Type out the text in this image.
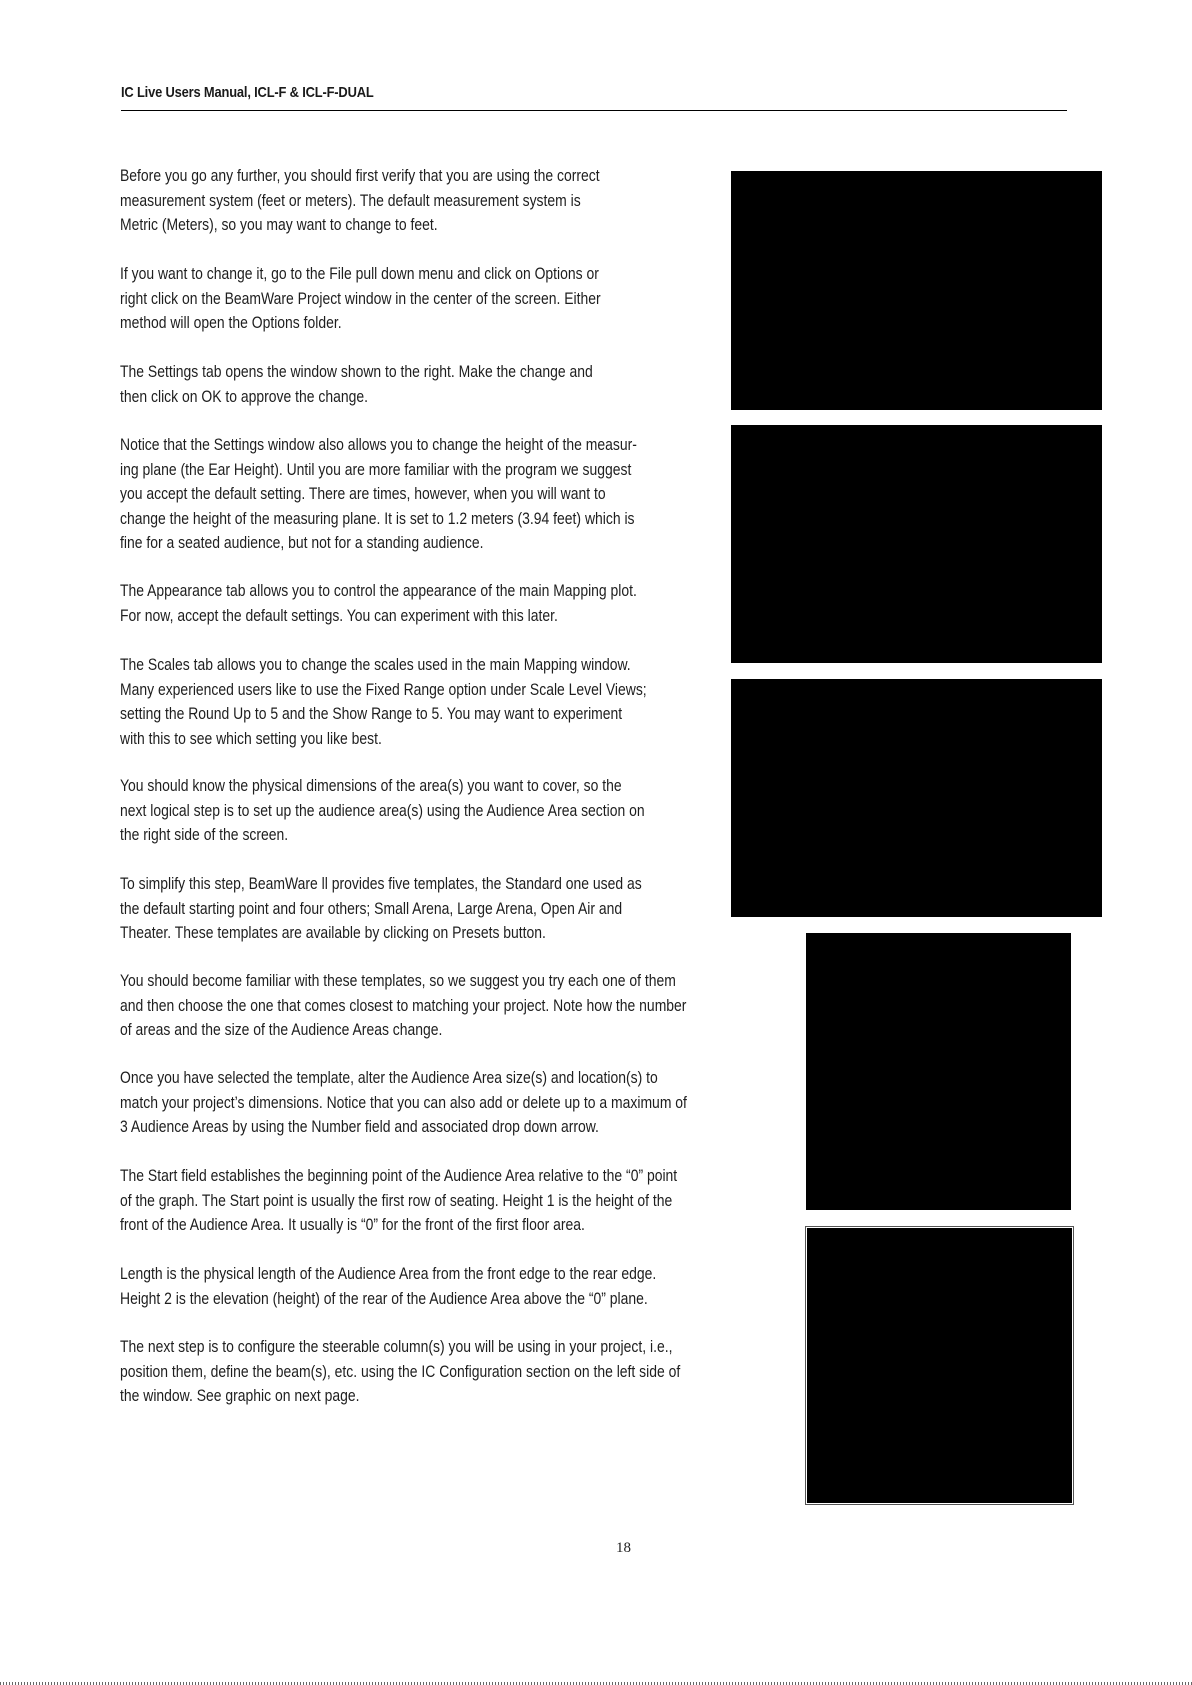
IC Live Users Manual, ICL-F & ICL-F-DUAL

Before you go any further, you should first verify that you are using the correct
measurement system (feet or meters). The default measurement system is
Metric (Meters), so you may want to change to feet.

If you want to change it, go to the File pull down menu and click on Options or
right click on the BeamWare Project window in the center of the screen. Either
method will open the Options folder.

The Settings tab opens the window shown to the right. Make the change and
then click on OK to approve the change.

Notice that the Settings window also allows you to change the height of the measur-
ing plane (the Ear Height). Until you are more familiar with the program we suggest
you accept the default setting. There are times, however, when you will want to
change the height of the measuring plane. It is set to 1.2 meters (3.94 feet) which is
fine for a seated audience, but not for a standing audience.

The Appearance tab allows you to control the appearance of the main Mapping plot.
For now, accept the default settings. You can experiment with this later.

The Scales tab allows you to change the scales used in the main Mapping window.
Many experienced users like to use the Fixed Range option under Scale Level Views;
setting the Round Up to 5 and the Show Range to 5. You may want to experiment
with this to see which setting you like best.

You should know the physical dimensions of the area(s) you want to cover, so the
next logical step is to set up the audience area(s) using the Audience Area section on
the right side of the screen.

To simplify this step, BeamWare ll provides five templates, the Standard one used as
the default starting point and four others; Small Arena, Large Arena, Open Air and
Theater. These templates are available by clicking on Presets button.

You should become familiar with these templates, so we suggest you try each one of them
and then choose the one that comes closest to matching your project. Note how the number
of areas and the size of the Audience Areas change.

Once you have selected the template, alter the Audience Area size(s) and location(s) to
match your project’s dimensions. Notice that you can also add or delete up to a maximum of
3 Audience Areas by using the Number field and associated drop down arrow.

The Start field establishes the beginning point of the Audience Area relative to the “0” point
of the graph. The Start point is usually the first row of seating. Height 1 is the height of the
front of the Audience Area. It usually is “0” for the front of the first floor area.

Length is the physical length of the Audience Area from the front edge to the rear edge.
Height 2 is the elevation (height) of the rear of the Audience Area above the “0” plane.

The next step is to configure the steerable column(s) you will be using in your project, i.e.,
position them, define the beam(s), etc. using the IC Configuration section on the left side of
the window. See graphic on next page.

18
